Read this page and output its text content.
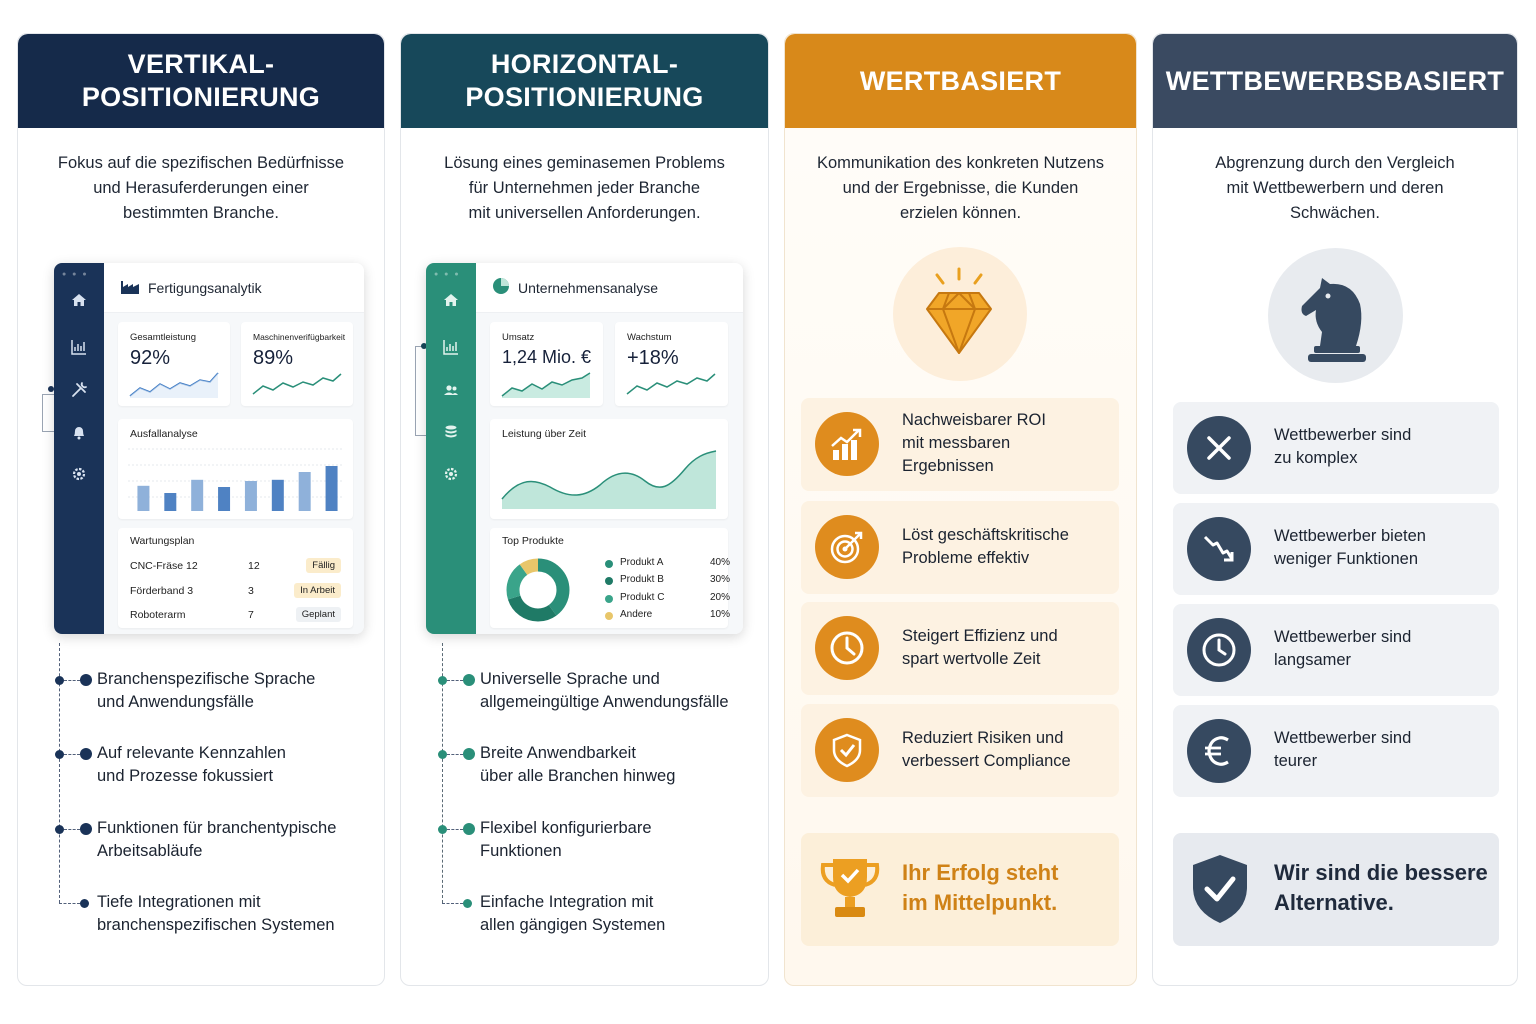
VERTIKAL-
POSITIONIERUNG
Fokus auf die spezifischen Bedürfnisse
und Herasuferderungen einer
bestimmten Branche.
● ● ●
Fertigungsanalytik
Gesamtleistung
92%
Maschinenverifügbarkeit
89%
Ausfallanalyse
Wartungsplan
CNC-Fräse 12	12	Fällig
Förderband 3	3	In Arbeit
Roboterarm	7	Geplant
Branchenspezifische Sprache
und Anwendungsfälle
Auf relevante Kennzahlen
und Prozesse fokussiert
Funktionen für branchentypische
Arbeitsabläufe
Tiefe Integrationen mit
branchenspezifischen Systemen
HORIZONTAL-
POSITIONIERUNG
Lösung eines geminasemen Problems
für Unternehmen jeder Branche
mit universellen Anforderungen.
● ● ●
Unternehmensanalyse
Umsatz
1,24 Mio. €
Wachstum
+18%
Leistung über Zeit
Top Produkte
Produkt A	40%
Produkt B	30%
Produkt C	20%
Andere	10%
Universelle Sprache und
allgemeingültige Anwendungsfälle
Breite Anwendbarkeit
über alle Branchen hinweg
Flexibel konfigurierbare
Funktionen
Einfache Integration mit
allen gängigen Systemen
WERTBASIERT
Kommunikation des konkreten Nutzens
und der Ergebnisse, die Kunden
erzielen können.
Nachweisbarer ROI
mit messbaren
Ergebnissen
Löst geschäftskritische
Probleme effektiv
Steigert Effizienz und
spart wertvolle Zeit
Reduziert Risiken und
verbessert Compliance
Ihr Erfolg steht
im Mittelpunkt.
WETTBEWERBSBASIERT
Abgrenzung durch den Vergleich
mit Wettbewerbern und deren
Schwächen.
Wettbewerber sind
zu komplex
Wettbewerber bieten
weniger Funktionen
Wettbewerber sind
langsamer
Wettbewerber sind
teurer
Wir sind die bessere
Alternative.
